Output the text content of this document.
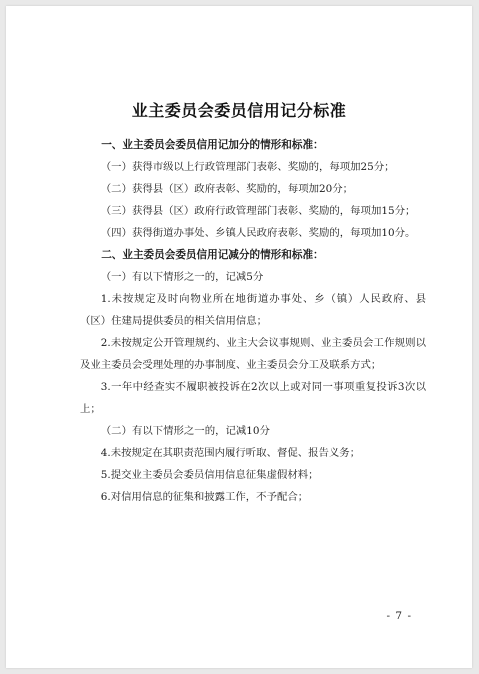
业主委员会委员信用记分标准

一、业主委员会委员信用记加分的情形和标准：

（一）获得市级以上行政管理部门表彰、奖励的，每项加25分；

（二）获得县（区）政府表彰、奖励的，每项加20分；

（三）获得县（区）政府行政管理部门表彰、奖励的，每项加15分；

（四）获得街道办事处、乡镇人民政府表彰、奖励的，每项加10分。

二、业主委员会委员信用记减分的情形和标准：

（一）有以下情形之一的，记减5分

1.未按规定及时向物业所在地街道办事处、乡（镇）人民政府、县（区）住建局提供委员的相关信用信息；

2.未按规定公开管理规约、业主大会议事规则、业主委员会工作规则以及业主委员会受理处理的办事制度、业主委员会分工及联系方式；

3.一年中经查实不履职被投诉在2次以上或对同一事项重复投诉3次以上；

（二）有以下情形之一的，记减10分

4.未按规定在其职责范围内履行听取、督促、报告义务；

5.提交业主委员会委员信用信息征集虚假材料；

6.对信用信息的征集和披露工作，不予配合；

- 7 -
